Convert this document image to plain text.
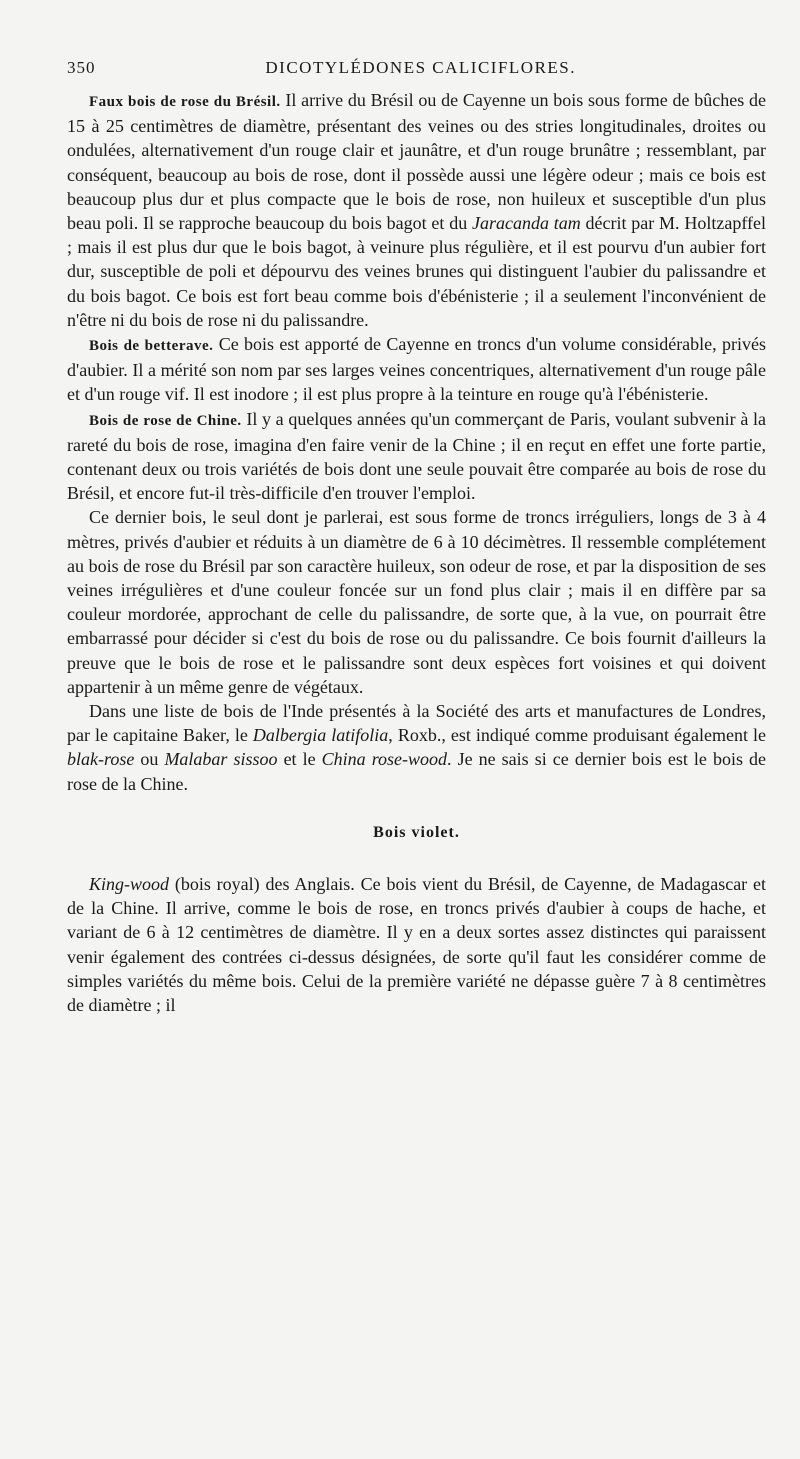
350	DICOTYLÉDONES CALICIFLORES.

Faux bois de rose du Brésil. Il arrive du Brésil ou de Cayenne un bois sous forme de bûches de 15 à 25 centimètres de diamètre, présentant des veines ou des stries longitudinales, droites ou ondulées, alternativement d'un rouge clair et jaunâtre, et d'un rouge brunâtre ; ressemblant, par conséquent, beaucoup au bois de rose, dont il possède aussi une légère odeur ; mais ce bois est beaucoup plus dur et plus compacte que le bois de rose, non huileux et susceptible d'un plus beau poli. Il se rapproche beaucoup du bois bagot et du Jaracanda tam décrit par M. Holtzapffel ; mais il est plus dur que le bois bagot, à veinure plus régulière, et il est pourvu d'un aubier fort dur, susceptible de poli et dépourvu des veines brunes qui distinguent l'aubier du palissandre et du bois bagot. Ce bois est fort beau comme bois d'ébénisterie ; il a seulement l'inconvénient de n'être ni du bois de rose ni du palissandre.

Bois de betterave. Ce bois est apporté de Cayenne en troncs d'un volume considérable, privés d'aubier. Il a mérité son nom par ses larges veines concentriques, alternativement d'un rouge pâle et d'un rouge vif. Il est inodore ; il est plus propre à la teinture en rouge qu'à l'ébénisterie.

Bois de rose de Chine. Il y a quelques années qu'un commerçant de Paris, voulant subvenir à la rareté du bois de rose, imagina d'en faire venir de la Chine ; il en reçut en effet une forte partie, contenant deux ou trois variétés de bois dont une seule pouvait être comparée au bois de rose du Brésil, et encore fut-il très-difficile d'en trouver l'emploi.

Ce dernier bois, le seul dont je parlerai, est sous forme de troncs irréguliers, longs de 3 à 4 mètres, privés d'aubier et réduits à un diamètre de 6 à 10 décimètres. Il ressemble complétement au bois de rose du Brésil par son caractère huileux, son odeur de rose, et par la disposition de ses veines irrégulières et d'une couleur foncée sur un fond plus clair ; mais il en diffère par sa couleur mordorée, approchant de celle du palissandre, de sorte que, à la vue, on pourrait être embarrassé pour décider si c'est du bois de rose ou du palissandre. Ce bois fournit d'ailleurs la preuve que le bois de rose et le palissandre sont deux espèces fort voisines et qui doivent appartenir à un même genre de végétaux.

Dans une liste de bois de l'Inde présentés à la Société des arts et manufactures de Londres, par le capitaine Baker, le Dalbergia latifolia, Roxb., est indiqué comme produisant également le blak-rose ou Malabar sissoo et le China rose-wood. Je ne sais si ce dernier bois est le bois de rose de la Chine.

Bois violet.

King-wood (bois royal) des Anglais. Ce bois vient du Brésil, de Cayenne, de Madagascar et de la Chine. Il arrive, comme le bois de rose, en troncs privés d'aubier à coups de hache, et variant de 6 à 12 centimètres de diamètre. Il y en a deux sortes assez distinctes qui paraissent venir également des contrées ci-dessus désignées, de sorte qu'il faut les considérer comme de simples variétés du même bois. Celui de la première variété ne dépasse guère 7 à 8 centimètres de diamètre ; il
